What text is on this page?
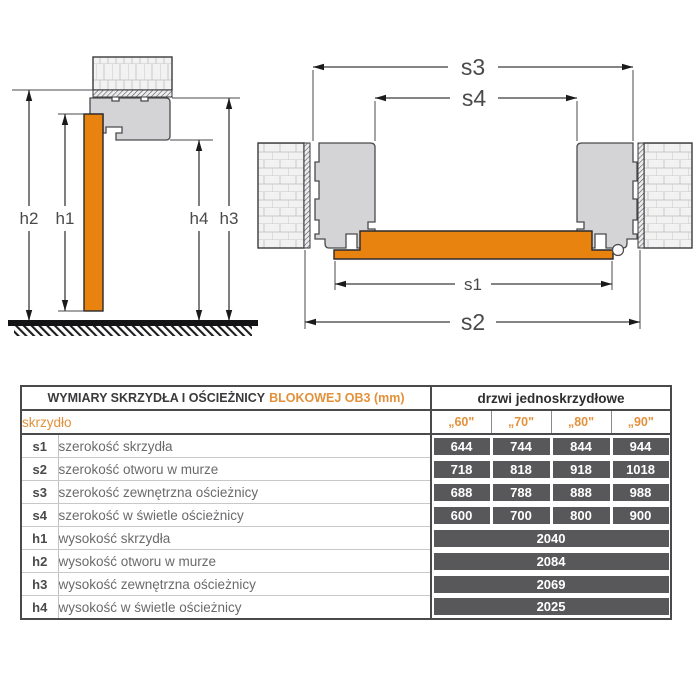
h2 h1	h4 h3
s3
s4
s1
s2
WYMIARY SKRZYDŁA I OŚCIEŻNICY BLOKOWEJ OB3 (mm)		drzwi jednoskrzydłowe			
skrzydło		„60"	„70"	„80"	„90"
s1	szerokość skrzydła	644	744	844	944

s2	szerokość otworu w murze	718	818	918	1018

s3	szerokość zewnętrzna ościeżnicy	688	788	888	988

s4	szerokość w świetle ościeżnicy	600	700	800	900

h1	wysokość skrzydła	2040			

h2	wysokość otworu w murze	2084			

h3	wysokość zewnętrzna ościeżnicy	2069			

h4	wysokość w świetle ościeżnicy	2025			
